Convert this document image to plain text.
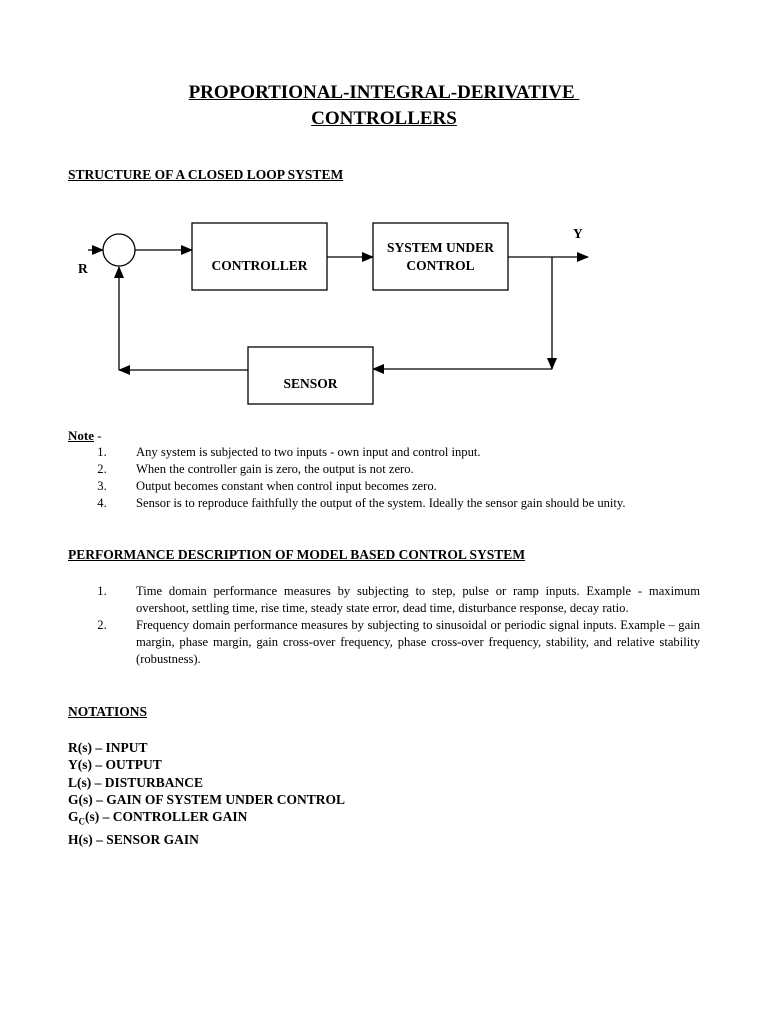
PROPORTIONAL-INTEGRAL-DERIVATIVE
CONTROLLERS
STRUCTURE OF A CLOSED LOOP SYSTEM
R	CONTROLLER
SYSTEM UNDER
CONTROL
Y
SENSOR
Note -
1.	Any system is subjected to two inputs - own input and control input.
2.	When the controller gain is zero, the output is not zero.
3.	Output becomes constant when control input becomes zero.
4.	Sensor is to reproduce faithfully the output of the system. Ideally the sensor gain should be unity.
PERFORMANCE DESCRIPTION OF MODEL BASED CONTROL SYSTEM
1.	Time domain performance measures by subjecting to step, pulse or ramp inputs. Example - maximum overshoot, settling time, rise time, steady state error, dead time, disturbance response, decay ratio.
2.	Frequency domain performance measures by subjecting to sinusoidal or periodic signal inputs. Example – gain margin, phase margin, gain cross-over frequency, phase cross-over frequency, stability, and relative stability (robustness).
NOTATIONS
R(s) – INPUT
Y(s) – OUTPUT
L(s) – DISTURBANCE
G(s) – GAIN OF SYSTEM UNDER CONTROL
$G_C(s)$ – CONTROLLER GAIN
H(s) – SENSOR GAIN
